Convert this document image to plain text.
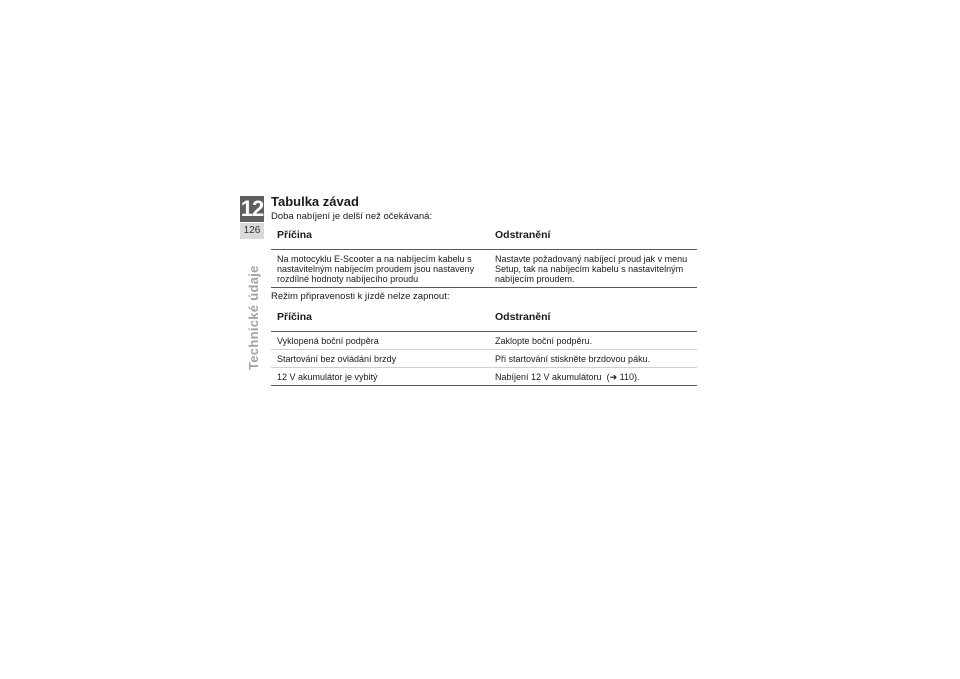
12
126
Technické údaje
Tabulka závad

Doba nabíjení je delší než očekávaná:

Příčina	Odstranění
Na motocyklu E-Scooter a na nabíjecím kabelu s nastavitelným nabíjecím proudem jsou nastaveny rozdílné hodnoty nabíjecího proudu	Nastavte požadovaný nabíjecí proud jak v menu Setup, tak na nabíjecím kabelu s nastavitelným nabíjecím proudem.

Režim připravenosti k jízdě nelze zapnout:

Příčina	Odstranění
Vyklopená boční podpěra	Zaklopte boční podpěru.
Startování bez ovládání brzdy	Při startování stiskněte brzdovou páku.
12 V akumulátor je vybitý	Nabíjení 12 V akumulátoru  (➜ 110).
